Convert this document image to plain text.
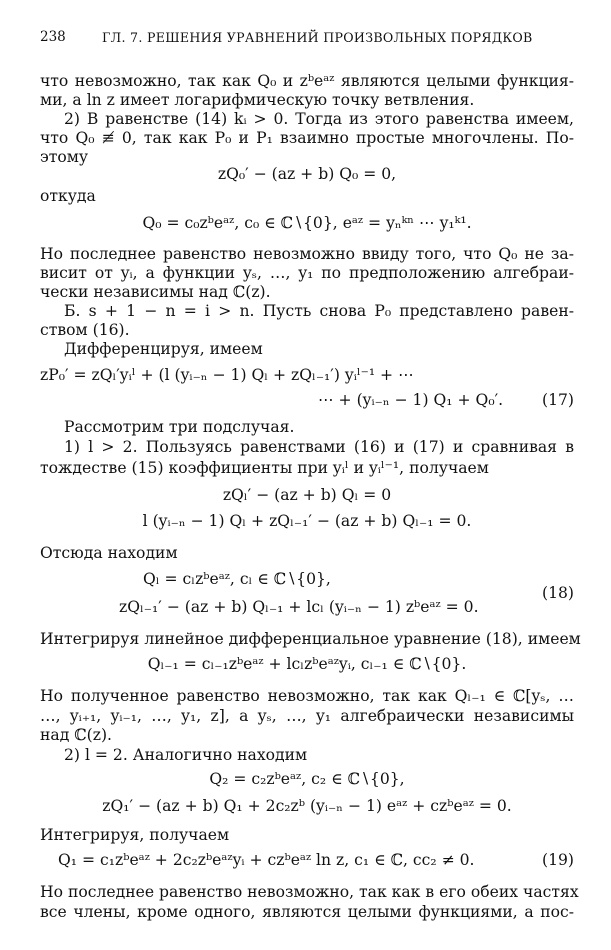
238	ГЛ. 7. РЕШЕНИЯ УРАВНЕНИЙ ПРОИЗВОЛЬНЫХ ПОРЯДКОВ
что невозможно, так как Q₀ и zᵇeᵃᶻ являются целыми функция-
ми, а ln z имеет логарифмическую точку ветвления.
2) В равенстве (14) kᵢ > 0. Тогда из этого равенства имеем,
что Q₀ ≢ 0, так как P₀ и P₁ взаимно простые многочлены. По-
этому
zQ₀′ − (az + b) Q₀ = 0,
откуда
Q₀ = c₀zᵇeᵃᶻ, c₀ ∈ ℂ∖{0}, eᵃᶻ = yₙᵏⁿ ⋯ y₁ᵏ¹.
Но последнее равенство невозможно ввиду того, что Q₀ не за-
висит от yᵢ, а функции yₛ, …, y₁ по предположению алгебраи-
чески независимы над ℂ(z).
Б. s + 1 − n = i > n. Пусть снова P₀ представлено равен-
ством (16).
Дифференцируя, имеем
zP₀′ = zQₗ′yᵢˡ + (l (yᵢ₋ₙ − 1) Qₗ + zQₗ₋₁′) yᵢˡ⁻¹ + ⋯
⋯ + (yᵢ₋ₙ − 1) Q₁ + Q₀′. (17)
Рассмотрим три подслучая.
1) l > 2. Пользуясь равенствами (16) и (17) и сравнивая в
тождестве (15) коэффициенты при yᵢˡ и yᵢˡ⁻¹, получаем
zQₗ′ − (az + b) Qₗ = 0
l (yᵢ₋ₙ − 1) Qₗ + zQₗ₋₁′ − (az + b) Qₗ₋₁ = 0.
Отсюда находим
Qₗ = cₗzᵇeᵃᶻ, cₗ ∈ ℂ∖{0},
zQₗ₋₁′ − (az + b) Qₗ₋₁ + lcₗ (yᵢ₋ₙ − 1) zᵇeᵃᶻ = 0.
(18)
Интегрируя линейное дифференциальное уравнение (18), имеем
Qₗ₋₁ = cₗ₋₁zᵇeᵃᶻ + lcₗzᵇeᵃᶻyᵢ, cₗ₋₁ ∈ ℂ∖{0}.
Но полученное равенство невозможно, так как Qₗ₋₁ ∈ ℂ[yₛ, …
…, yᵢ₊₁, yᵢ₋₁, …, y₁, z], а yₛ, …, y₁ алгебраически независимы
над ℂ(z).
2) l = 2. Аналогично находим
Q₂ = c₂zᵇeᵃᶻ, c₂ ∈ ℂ∖{0},
zQ₁′ − (az + b) Q₁ + 2c₂zᵇ (yᵢ₋ₙ − 1) eᵃᶻ + czᵇeᵃᶻ = 0.
Интегрируя, получаем
Q₁ = c₁zᵇeᵃᶻ + 2c₂zᵇeᵃᶻyᵢ + czᵇeᵃᶻ ln z, c₁ ∈ ℂ, cc₂ ≠ 0.	(19)
Но последнее равенство невозможно, так как в его обеих частях
все члены, кроме одного, являются целыми функциями, а пос-
